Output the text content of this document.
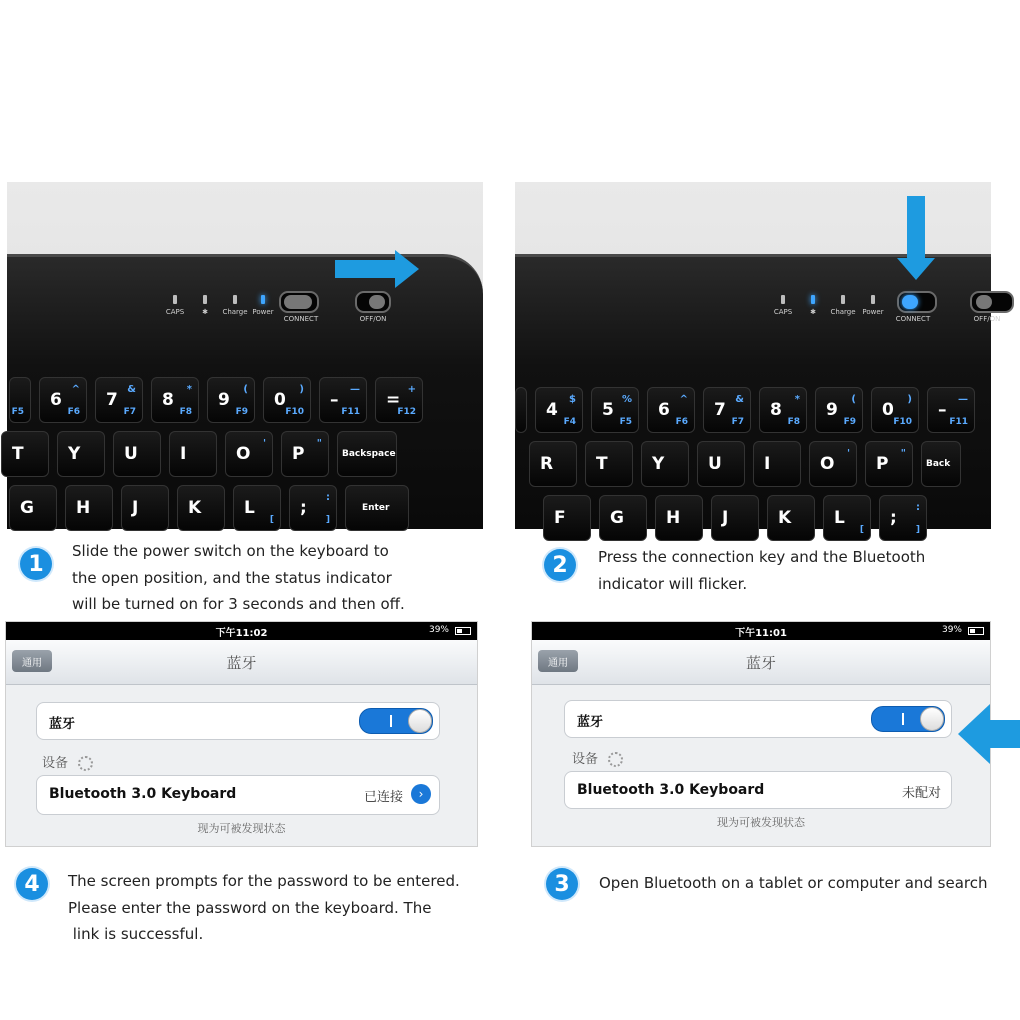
CAPS	✱	Charge Power
CONNECT	OFF/ON
F5
6
^
F6
7
&
F7
8
*
F8
9
(
F9
0
)
F10
–
—
F11
=
+
F12
T	Y	U I	O
'
P
"
Backspace
G H J	K	L
[
;
:
]
Enter
CAPS	✱	Charge Power
CONNECT	OFF/ON
4
$
F4
5
%
F5
6
^
F6
7
&
F7
8
*
F8
9
(
F9
0
)
F10
–
—
F11
R	T	Y	U I	O
'
P
"
Back
F	G H J	K	L
[
;
:
]
1
Slide the power switch on the keyboard to
the open position, and the status indicator
will be turned on for 3 seconds and then off.
2	Press the connection key and the Bluetooth
indicator will flicker.
下午11:02	39%
通用	蓝牙
蓝牙
设备
Bluetooth 3.0 Keyboard	已连接	›
现为可被发现状态
下午11:01	39%
通用	蓝牙
蓝牙
设备
Bluetooth 3.0 Keyboard	未配对
现为可被发现状态
4	The screen prompts for the password to be entered.
Please enter the password on the keyboard. The
link is successful.
3	Open Bluetooth on a tablet or computer and search
